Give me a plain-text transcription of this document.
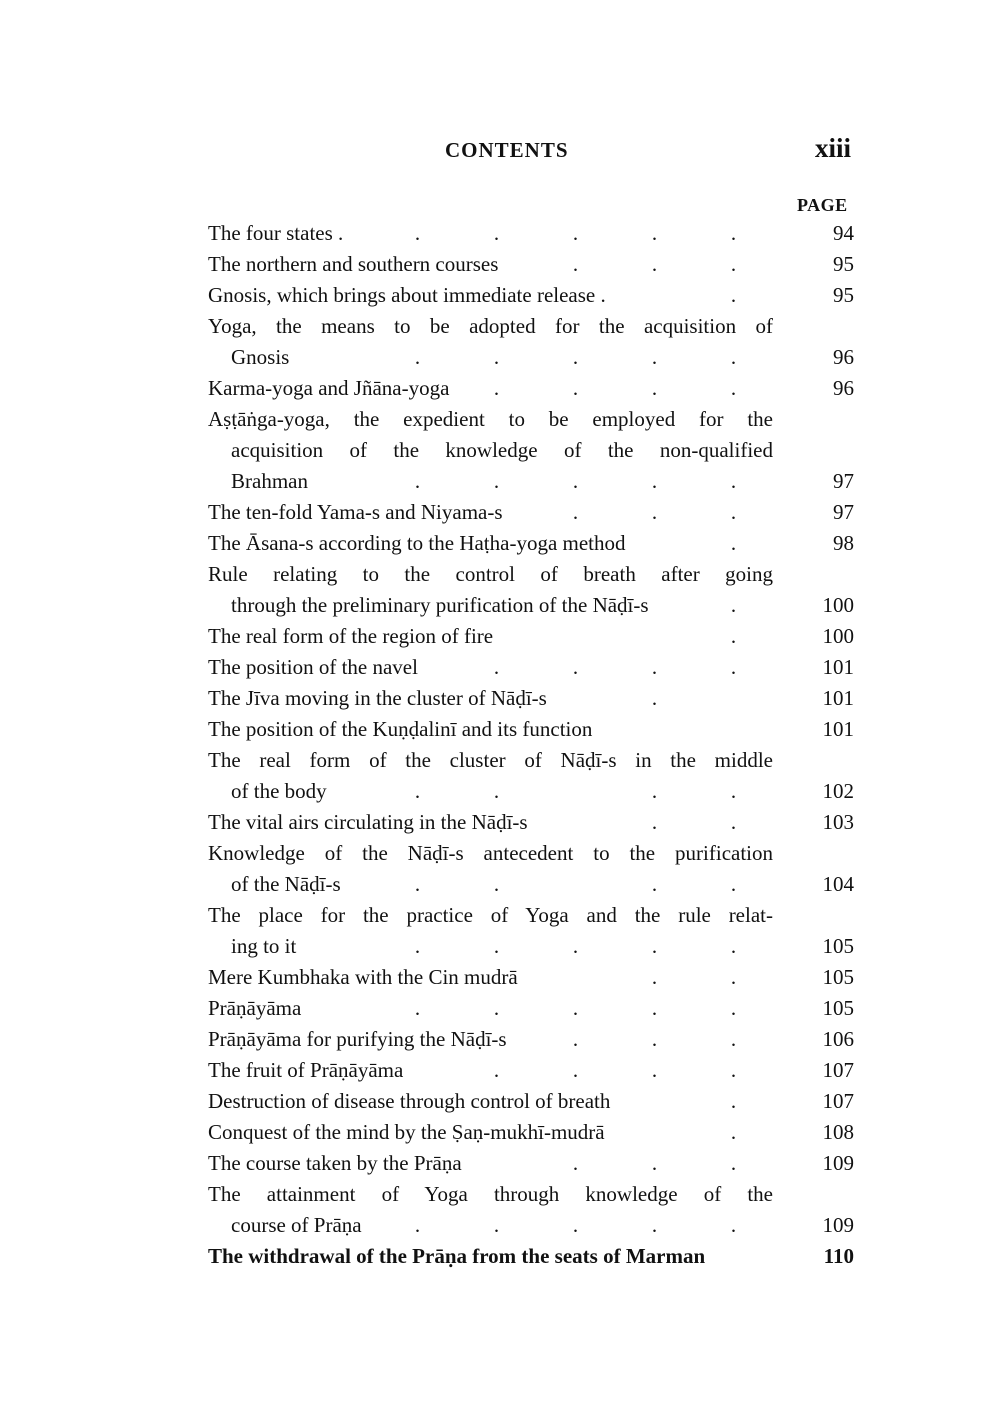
CONTENTS	xiii
PAGE
The four states .	.	.	.	.	.	94
The northern and southern courses	.	.	.	95
Gnosis, which brings about immediate release .	.	95
Yoga, the means to be adopted for the acquisition of
Gnosis	.	.	.	.	.	96
Karma-yoga and Jñāna-yoga	.	.	.	.	96
Aṣṭāṅga-yoga, the expedient to be employed for the
acquisition of the knowledge of the non-qualified
Brahman	.	.	.	.	.	97
The ten-fold Yama-s and Niyama-s	.	.	.	97
The Āsana-s according to the Haṭha-yoga method	.	98
Rule relating to the control of breath after going
through the preliminary purification of the Nāḍī-s	.	100
The real form of the region of fire	.	100
The position of the navel	.	.	.	.	101
The Jīva moving in the cluster of Nāḍī-s	.	101
The position of the Kuṇḍalinī and its function	101
The real form of the cluster of Nāḍī-s in the middle
of the body	.	.	.	.	102
The vital airs circulating in the Nāḍī-s	.	.	103
Knowledge of the Nāḍī-s antecedent to the purification
of the Nāḍī-s	.	.	.	.	104
The place for the practice of Yoga and the rule relat-
ing to it	.	.	.	.	.	105
Mere Kumbhaka with the Cin mudrā	.	.	105
Prāṇāyāma	.	.	.	.	.	105
Prāṇāyāma for purifying the Nāḍī-s	.	.	.	106
The fruit of Prāṇāyāma	.	.	.	.	107
Destruction of disease through control of breath	.	107
Conquest of the mind by the Ṣaṇ-mukhī-mudrā	.	108
The course taken by the Prāṇa	.	.	.	109
The attainment of Yoga through knowledge of the
course of Prāṇa	.	.	.	.	.	109
The withdrawal of the Prāṇa from the seats of Marman	110
